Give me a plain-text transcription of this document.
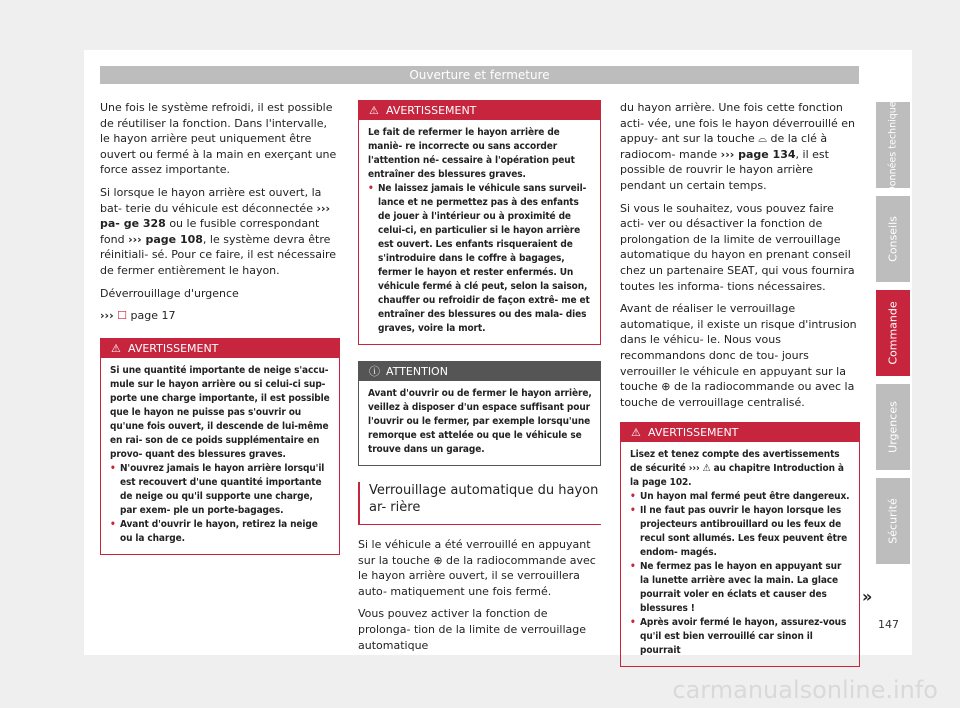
Ouverture et fermeture

Une fois le système refroidi, il est possible de réutiliser la fonction. Dans l'intervalle, le hayon arrière peut uniquement être ouvert ou fermé à la main en exerçant une force assez importante.

Si lorsque le hayon arrière est ouvert, la bat- terie du véhicule est déconnectée ››› pa- ge 328 ou le fusible correspondant fond ››› page 108, le système devra être réinitiali- sé. Pour ce faire, il est nécessaire de fermer entièrement le hayon.

Déverrouillage d'urgence

››› ☐ page 17

⚠ AVERTISSEMENT
Si une quantité importante de neige s'accu- mule sur le hayon arrière ou si celui-ci sup- porte une charge importante, il est possible que le hayon ne puisse pas s'ouvrir ou qu'une fois ouvert, il descende de lui-même en rai- son de ce poids supplémentaire en provo- quant des blessures graves.
• N'ouvrez jamais le hayon arrière lorsqu'il est recouvert d'une quantité importante de neige ou qu'il supporte une charge, par exem- ple un porte-bagages.
• Avant d'ouvrir le hayon, retirez la neige ou la charge.
⚠ AVERTISSEMENT
Le fait de refermer le hayon arrière de maniè- re incorrecte ou sans accorder l'attention né- cessaire à l'opération peut entraîner des blessures graves.
• Ne laissez jamais le véhicule sans surveil- lance et ne permettez pas à des enfants de jouer à l'intérieur ou à proximité de celui-ci, en particulier si le hayon arrière est ouvert. Les enfants risqueraient de s'introduire dans le coffre à bagages, fermer le hayon et rester enfermés. Un véhicule fermé à clé peut, selon la saison, chauffer ou refroidir de façon extrê- me et entraîner des blessures ou des mala- dies graves, voire la mort.
ⓘ ATTENTION
Avant d'ouvrir ou de fermer le hayon arrière, veillez à disposer d'un espace suffisant pour l'ouvrir ou le fermer, par exemple lorsqu'une remorque est attelée ou que le véhicule se trouve dans un garage.
Verrouillage automatique du hayon ar- rière

Si le véhicule a été verrouillé en appuyant sur la touche ⊕ de la radiocommande avec le hayon arrière ouvert, il se verrouillera auto- matiquement une fois fermé.

Vous pouvez activer la fonction de prolonga- tion de la limite de verrouillage automatique

du hayon arrière. Une fois cette fonction acti- vée, une fois le hayon déverrouillé en appuy- ant sur la touche ⌓ de la clé à radiocom- mande ››› page 134, il est possible de rouvrir le hayon arrière pendant un certain temps.

Si vous le souhaitez, vous pouvez faire acti- ver ou désactiver la fonction de prolongation de la limite de verrouillage automatique du hayon en prenant conseil chez un partenaire SEAT, qui vous fournira toutes les informa- tions nécessaires.

Avant de réaliser le verrouillage automatique, il existe un risque d'intrusion dans le véhicu- le. Nous vous recommandons donc de tou- jours verrouiller le véhicule en appuyant sur la touche ⊕ de la radiocommande ou avec la touche de verrouillage centralisé.

⚠ AVERTISSEMENT
Lisez et tenez compte des avertissements de sécurité ››› ⚠ au chapitre Introduction à la page 102.
• Un hayon mal fermé peut être dangereux.
• Il ne faut pas ouvrir le hayon lorsque les projecteurs antibrouillard ou les feux de recul sont allumés. Les feux peuvent être endom- magés.
• Ne fermez pas le hayon en appuyant sur la lunette arrière avec la main. La glace pourrait voler en éclats et causer des blessures !
• Après avoir fermé le hayon, assurez-vous qu'il est bien verrouillé car sinon il pourrait
»
Données techniques
Conseils
Commande
Urgences
Sécurité
147
carmanualsonline.info
